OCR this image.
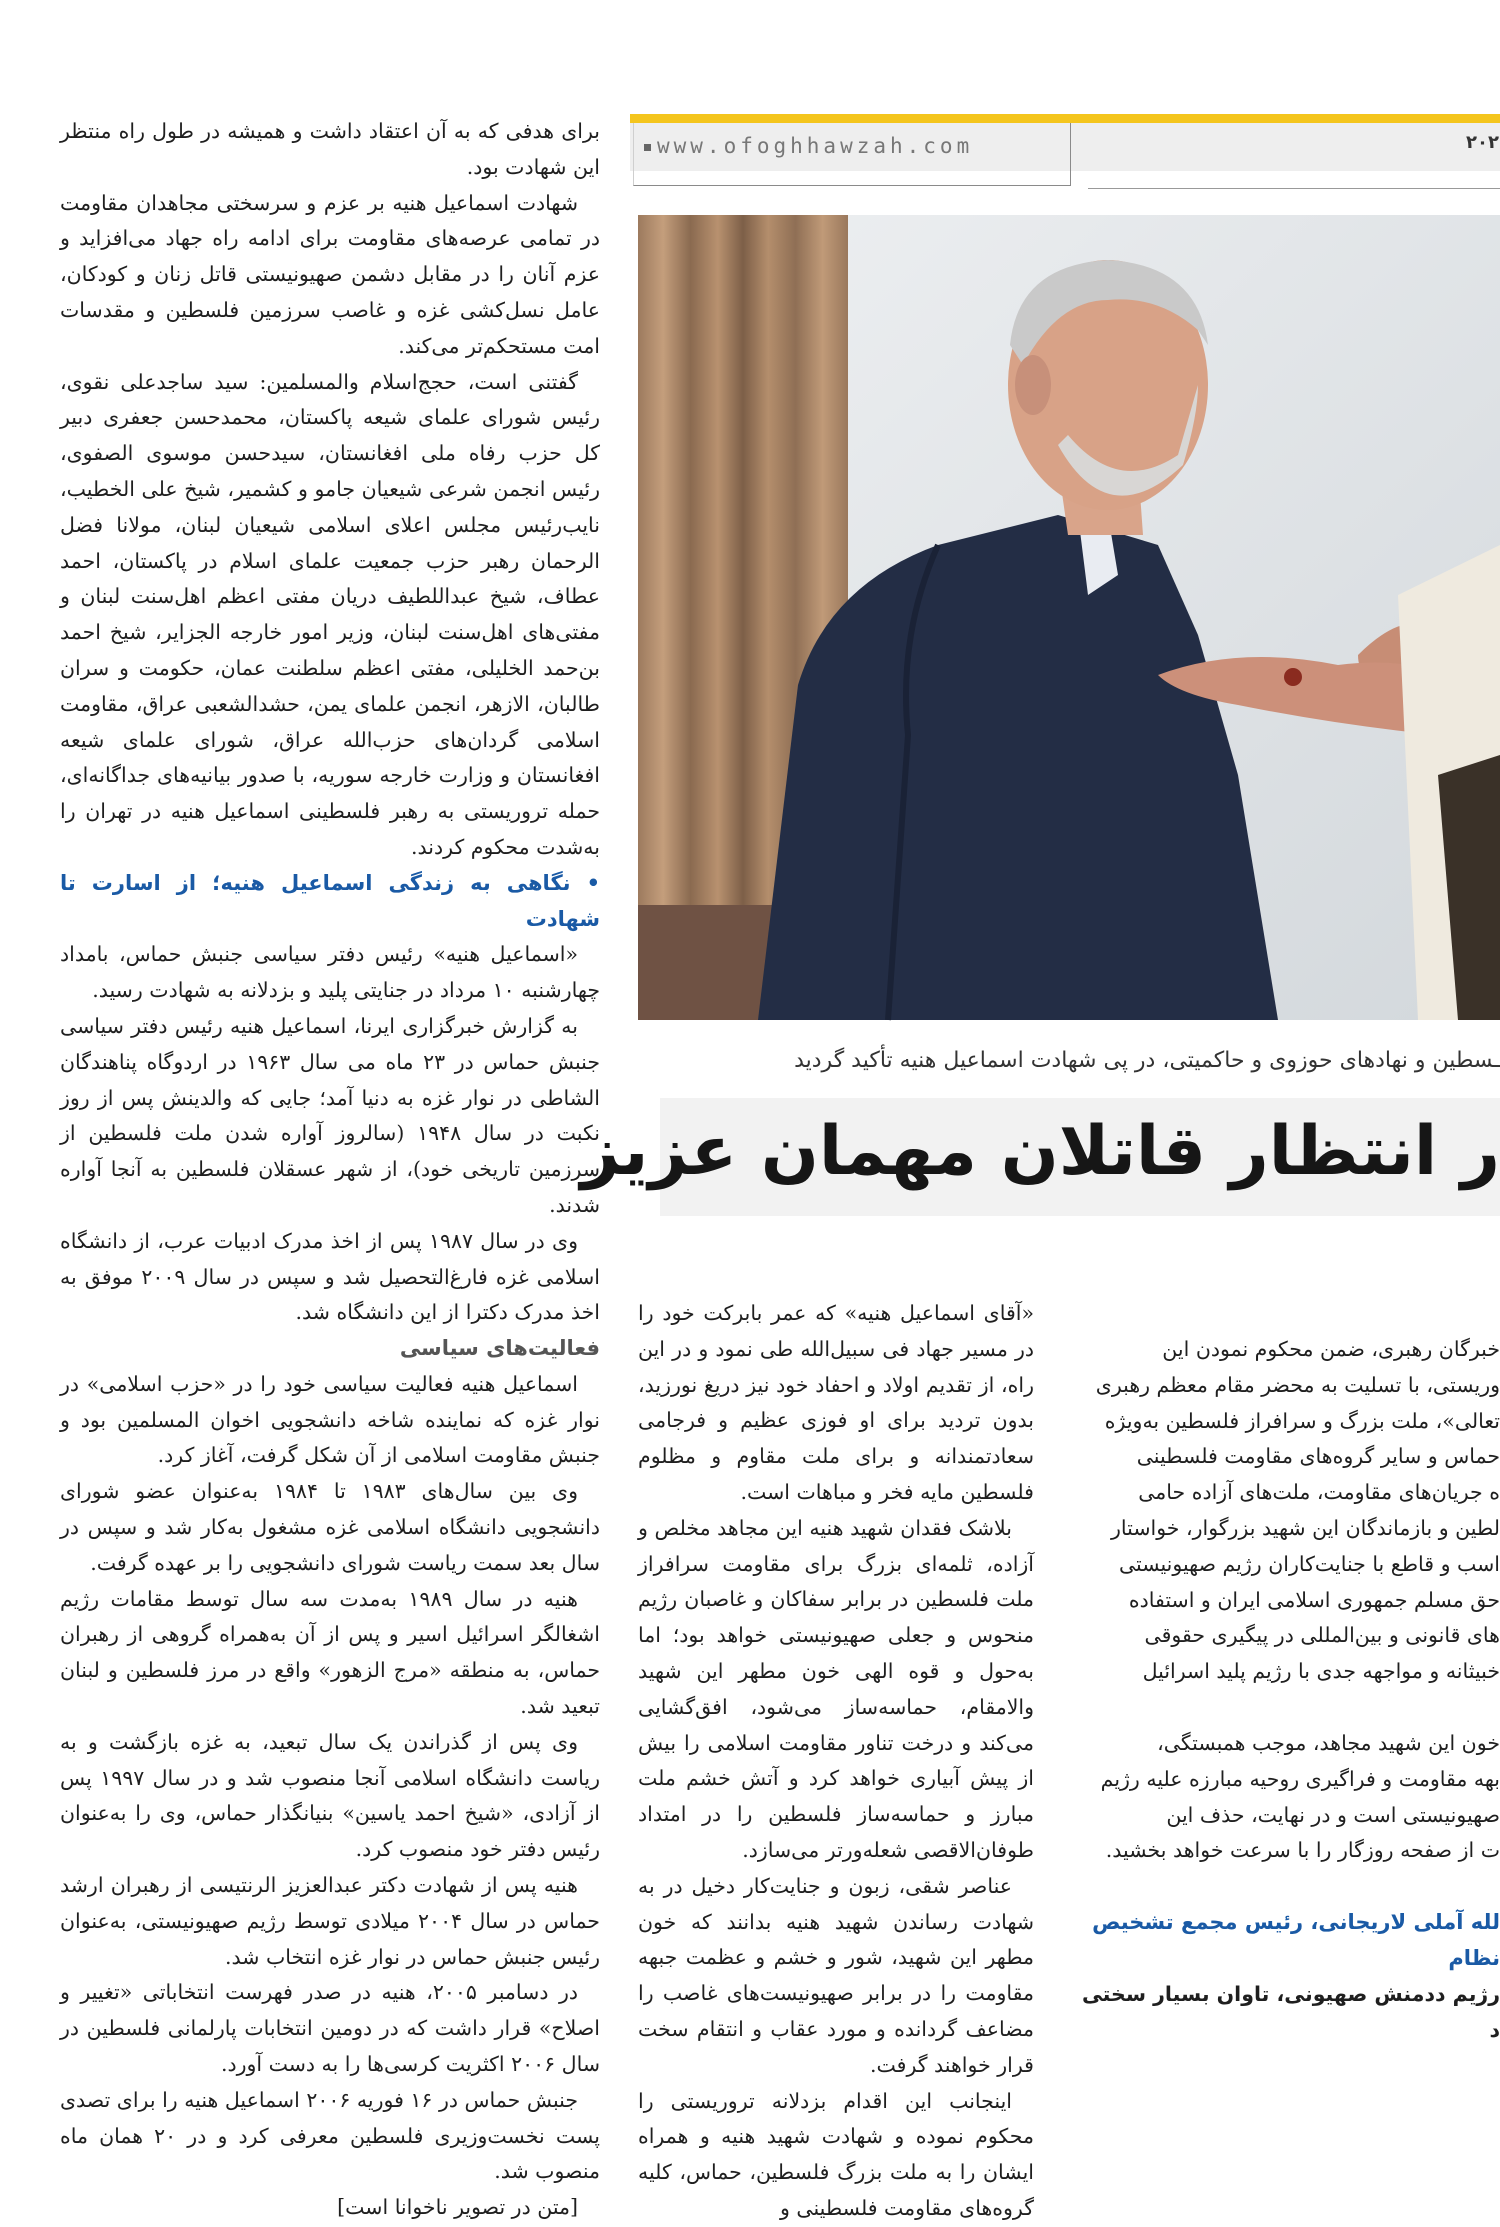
www.ofoghhawzah.com	۲۰۲
ـسطین و نهادهای حوزوی و حاکمیتی، در پی شهادت اسماعیل هنیه تأکید گردید
ر انتظار قاتلان مهمان عزیز

برای هدفی که به آن اعتقاد داشت و همیشه در طول راه منتظر این شهادت بود.

شهادت اسماعیل هنیه بر عزم و سرسختی مجاهدان مقاومت در تمامی عرصه‌های مقاومت برای ادامه راه جهاد می‌افزاید و عزم آنان را در مقابل دشمن صهیونیستی قاتل زنان و کودکان، عامل نسل‌کشی غزه و غاصب سرزمین فلسطین و مقدسات امت مستحکم‌تر می‌کند.

گفتنی است، حجج‌اسلام والمسلمین: سید ساجدعلی نقوی، رئیس شورای علمای شیعه پاکستان، محمدحسن جعفری دبیر کل حزب رفاه ملی افغانستان، سیدحسن موسوی الصفوی، رئیس انجمن شرعی شیعیان جامو و کشمیر، شیخ علی الخطیب، نایب‌رئیس مجلس اعلای اسلامی شیعیان لبنان، مولانا فضل الرحمان رهبر حزب جمعیت علمای اسلام در پاکستان، احمد عطاف، شیخ عبداللطیف دریان مفتی اعظم اهل‌سنت لبنان و مفتی‌های اهل‌سنت لبنان، وزیر امور خارجه الجزایر، شیخ احمد بن‌حمد الخلیلی، مفتی اعظم سلطنت عمان، حکومت و سران طالبان، الازهر، انجمن علمای یمن، حشدالشعبی عراق، مقاومت اسلامی گردان‌های حزب‌الله عراق، شورای علمای شیعه افغانستان و وزارت خارجه سوریه، با صدور بیانیه‌های جداگانه‌ای، حمله تروریستی به رهبر فلسطینی اسماعیل هنیه در تهران را به‌شدت محکوم کردند.

• نگاهی به زندگی اسماعیل هنیه؛ از اسارت تا شهادت

«اسماعیل هنیه» رئیس دفتر سیاسی جنبش حماس، بامداد چهارشنبه ۱۰ مرداد در جنایتی پلید و بزدلانه به شهادت رسید.

به گزارش خبرگزاری ایرنا، اسماعیل هنیه رئیس دفتر سیاسی جنبش حماس در ۲۳ ماه می سال ۱۹۶۳ در اردوگاه پناهندگان الشاطی در نوار غزه به دنیا آمد؛ جایی که والدینش پس از روز نکبت در سال ۱۹۴۸ (سالروز آواره شدن ملت فلسطین از سرزمین تاریخی خود)، از شهر عسقلان فلسطین به آنجا آواره شدند.

وی در سال ۱۹۸۷ پس از اخذ مدرک ادبیات عرب، از دانشگاه اسلامی غزه فارغ‌التحصیل شد و سپس در سال ۲۰۰۹ موفق به اخذ مدرک دکترا از این دانشگاه شد.

فعالیت‌های سیاسی

اسماعیل هنیه فعالیت سیاسی خود را در «حزب اسلامی» در نوار غزه که نماینده شاخه دانشجویی اخوان المسلمین بود و جنبش مقاومت اسلامی از آن شکل گرفت، آغاز کرد.

وی بین سال‌های ۱۹۸۳ تا ۱۹۸۴ به‌عنوان عضو شورای دانشجویی دانشگاه اسلامی غزه مشغول به‌کار شد و سپس در سال بعد سمت ریاست شورای دانشجویی را بر عهده گرفت.

هنیه در سال ۱۹۸۹ به‌مدت سه سال توسط مقامات رژیم اشغالگر اسرائیل اسیر و پس از آن به‌همراه گروهی از رهبران حماس، به منطقه «مرج الزهور» واقع در مرز فلسطین و لبنان تبعید شد.

وی پس از گذراندن یک سال تبعید، به غزه بازگشت و به ریاست دانشگاه اسلامی آنجا منصوب شد و در سال ۱۹۹۷ پس از آزادی، «شیخ احمد یاسین» بنیانگذار حماس، وی را به‌عنوان رئیس دفتر خود منصوب کرد.

هنیه پس از شهادت دکتر عبدالعزیز الرنتیسی از رهبران ارشد حماس در سال ۲۰۰۴ میلادی توسط رژیم صهیونیستی، به‌عنوان رئیس جنبش حماس در نوار غزه انتخاب شد.

در دسامبر ۲۰۰۵، هنیه در صدر فهرست انتخاباتی «تغییر و اصلاح» قرار داشت که در دومین انتخابات پارلمانی فلسطین در سال ۲۰۰۶ اکثریت کرسی‌ها را به دست آورد.

جنبش حماس در ۱۶ فوریه ۲۰۰۶ اسماعیل هنیه را برای تصدی پست نخست‌وزیری فلسطین معرفی کرد و در ۲۰ همان ماه منصوب شد.

[متن در تصویر ناخوانا است]

«آقای اسماعیل هنیه» که عمر بابرکت خود را در مسیر جهاد فی سبیل‌الله طی نمود و در این راه، از تقدیم اولاد و احفاد خود نیز دریغ نورزید، بدون تردید برای او فوزی عظیم و فرجامی سعادتمندانه و برای ملت مقاوم و مظلوم فلسطین مایه فخر و مباهات است.

بلاشک فقدان شهید هنیه این مجاهد مخلص و آزاده، ثلمه‌ای بزرگ برای مقاومت سرافراز ملت فلسطین در برابر سفاکان و غاصبان رژیم منحوس و جعلی صهیونیستی خواهد بود؛ اما به‌حول و قوه الهی خون مطهر این شهید والامقام، حماسه‌ساز می‌شود، افق‌گشایی می‌کند و درخت تناور مقاومت اسلامی را بیش از پیش آبیاری خواهد کرد و آتش خشم ملت مبارز و حماسه‌ساز فلسطین را در امتداد طوفان‌الاقصی شعله‌ورتر می‌سازد.

عناصر شقی، زبون و جنایت‌کار دخیل در به شهادت رساندن شهید هنیه بدانند که خون مطهر این شهید، شور و خشم و عظمت جبهه مقاومت را در برابر صهیونیست‌های غاصب را مضاعف گردانده و مورد عقاب و انتقام سخت قرار خواهند گرفت.

اینجانب این اقدام بزدلانه تروریستی را محکوم نموده و شهادت شهید هنیه و همراه ایشان را به ملت بزرگ فلسطین، حماس، کلیه گروه‌های مقاومت فلسطینی و

خبرگان رهبری، ضمن محکوم نمودن این
وریستی، با تسلیت به محضر مقام معظم رهبری
تعالی»، ملت بزرگ و سرافراز فلسطین به‌ویژه
حماس و سایر گروه‌های مقاومت فلسطینی
ه جریان‌های مقاومت، ملت‌های آزاده حامی
لطین و بازماندگان این شهید بزرگوار، خواستار
اسب و قاطع با جنایت‌کاران رژیم صهیونیستی
حق مسلم جمهوری اسلامی ایران و استفاده
های قانونی و بین‌المللی در پیگیری حقوقی
خبیثانه و مواجهه جدی با رژیم پلید اسرائیل
خون این شهید مجاهد، موجب همبستگی،
بهه مقاومت و فراگیری روحیه مبارزه علیه رژیم
صهیونیستی است و در نهایت، حذف این
ت از صفحه روزگار را با سرعت خواهد بخشید.
لله آملی لاریجانی، رئیس مجمع تشخیص
نظام
رژیم ددمنش صهیونی، تاوان بسیار سختی
د
